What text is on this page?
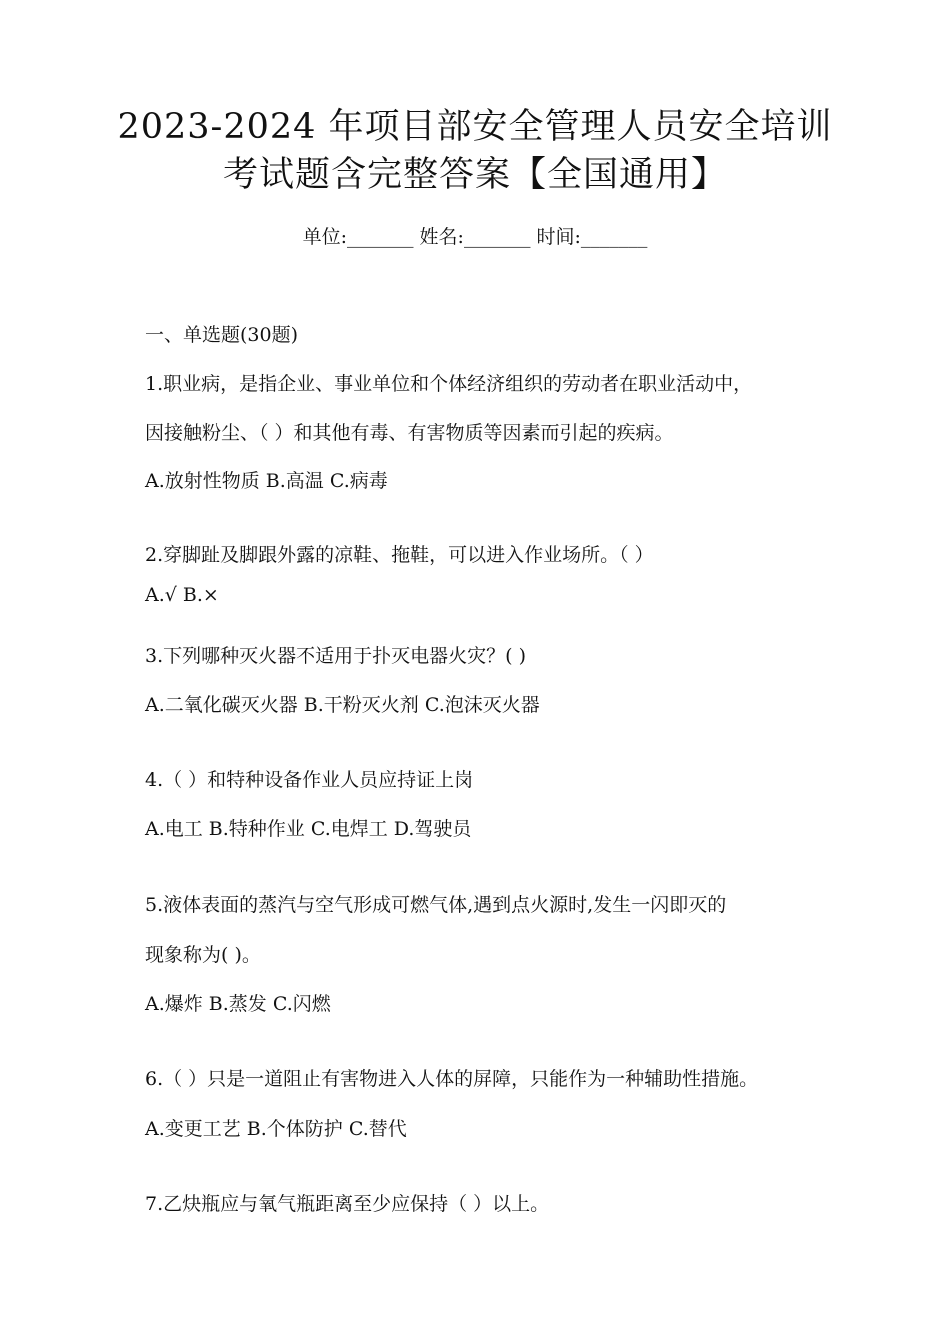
2023-2024 年项目部安全管理人员安全培训
考试题含完整答案【全国通用】
单位:_______ 姓名:_______ 时间:_______
一、单选题(30题)
1.职业病，是指企业、事业单位和个体经济组织的劳动者在职业活动中，
因接触粉尘、（ ）和其他有毒、有害物质等因素而引起的疾病。
A.放射性物质 B.高温 C.病毒
2.穿脚趾及脚跟外露的凉鞋、拖鞋，可以进入作业场所。（ ）
A.√ B.×
3.下列哪种灭火器不适用于扑灭电器火灾？( )
A.二氧化碳灭火器 B.干粉灭火剂 C.泡沫灭火器
4.（ ）和特种设备作业人员应持证上岗
A.电工 B.特种作业 C.电焊工 D.驾驶员
5.液体表面的蒸汽与空气形成可燃气体,遇到点火源时,发生一闪即灭的
现象称为( )。
A.爆炸 B.蒸发 C.闪燃
6.（ ）只是一道阻止有害物进入人体的屏障，只能作为一种辅助性措施。
A.变更工艺 B.个体防护 C.替代
7.乙炔瓶应与氧气瓶距离至少应保持（ ）以上。
